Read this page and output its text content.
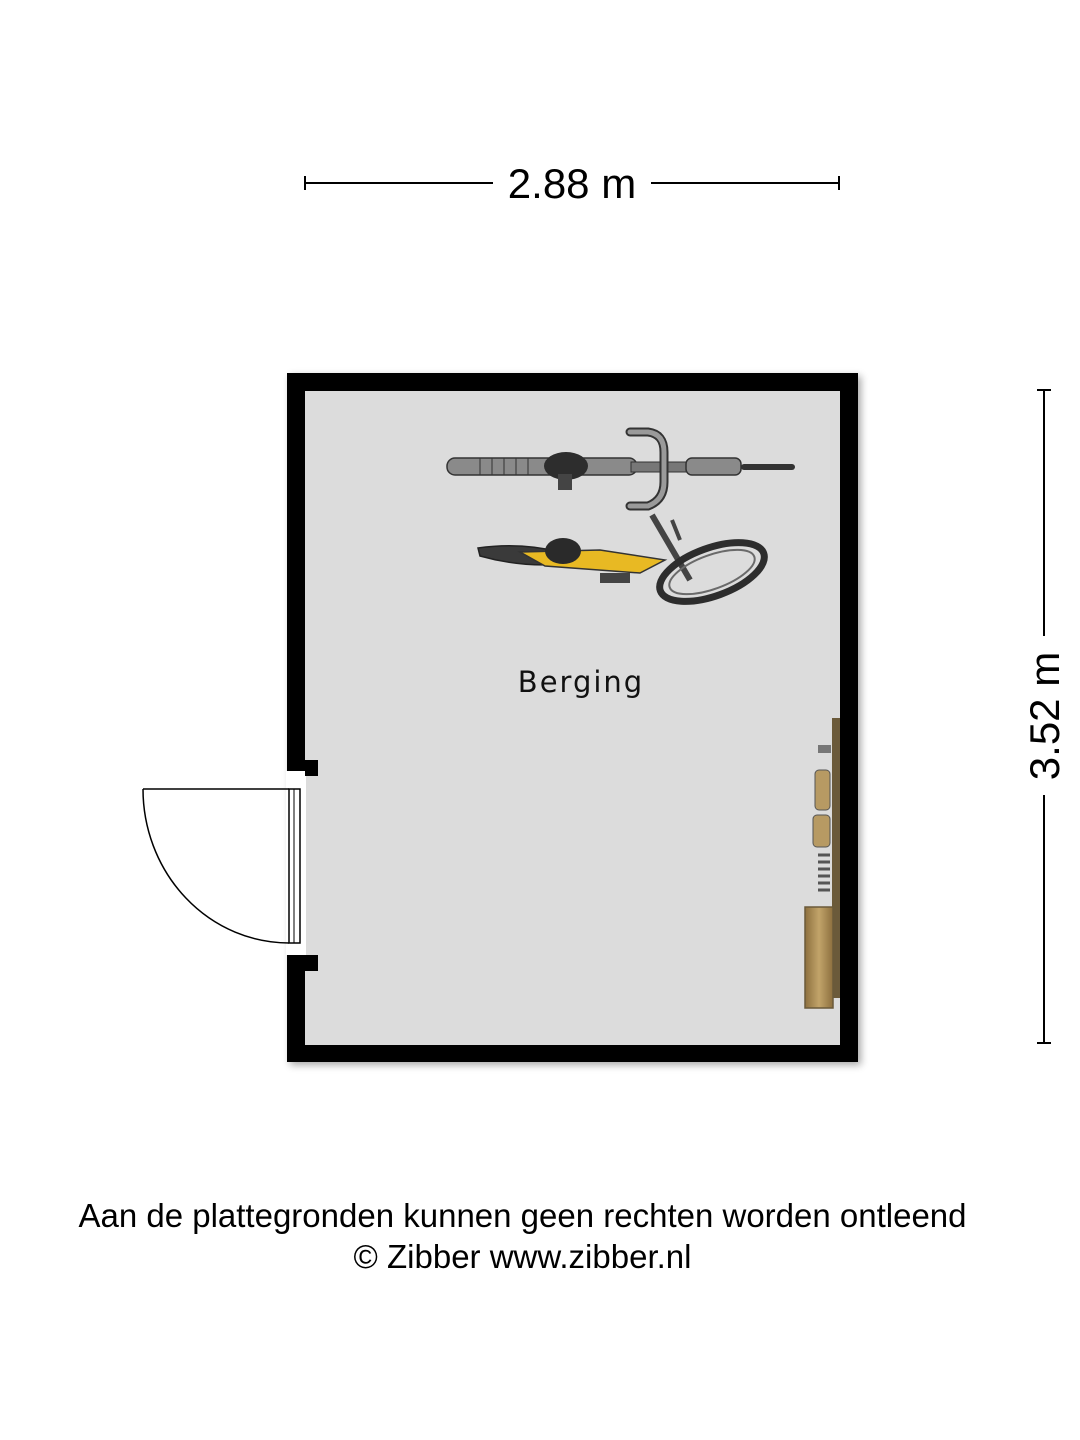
2.88 m
3.52 m
Berging
Aan de plattegronden kunnen geen rechten worden ontleend
© Zibber www.zibber.nl
